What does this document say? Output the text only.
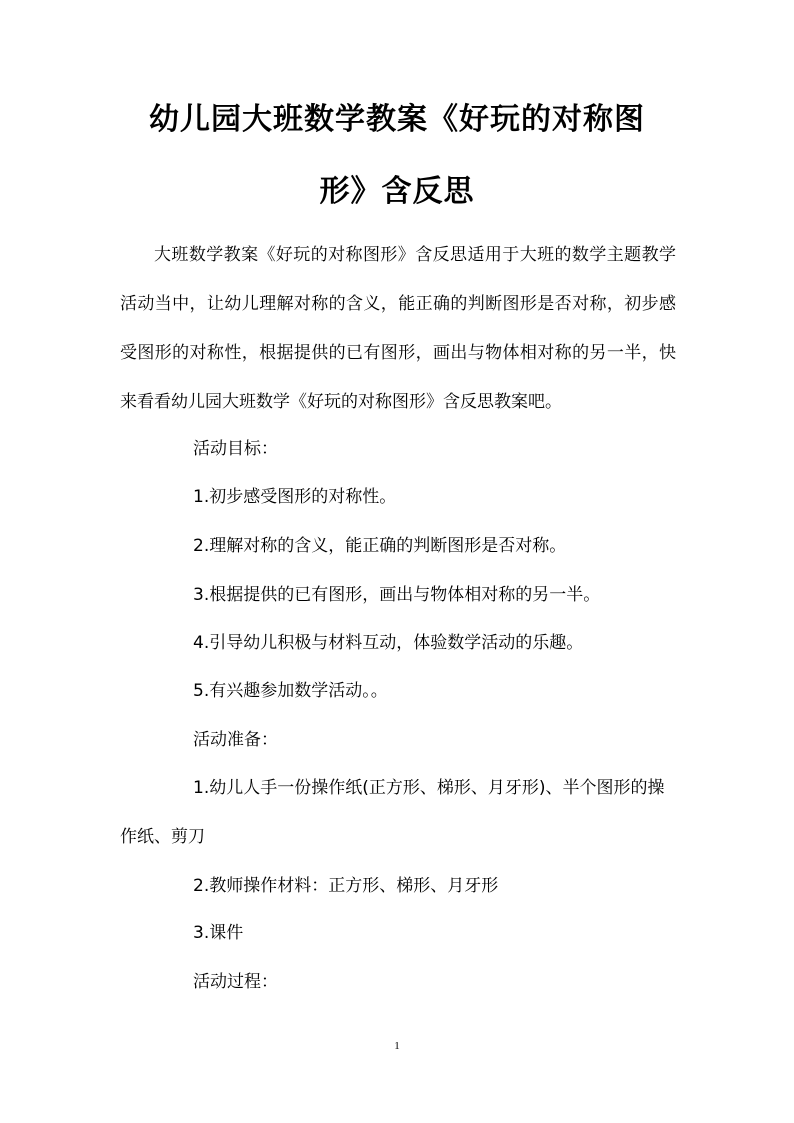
幼儿园大班数学教案《好玩的对称图
形》含反思

大班数学教案《好玩的对称图形》含反思适用于大班的数学主题教学活动当中，让幼儿理解对称的含义，能正确的判断图形是否对称，初步感受图形的对称性，根据提供的已有图形，画出与物体相对称的另一半，快来看看幼儿园大班数学《好玩的对称图形》含反思教案吧。

活动目标：

1.初步感受图形的对称性。

2.理解对称的含义，能正确的判断图形是否对称。

3.根据提供的已有图形，画出与物体相对称的另一半。

4.引导幼儿积极与材料互动，体验数学活动的乐趣。

5.有兴趣参加数学活动。。

活动准备：

1.幼儿人手一份操作纸(正方形、梯形、月牙形)、半个图形的操作纸、剪刀

2.教师操作材料：正方形、梯形、月牙形

3.课件

活动过程：

1
